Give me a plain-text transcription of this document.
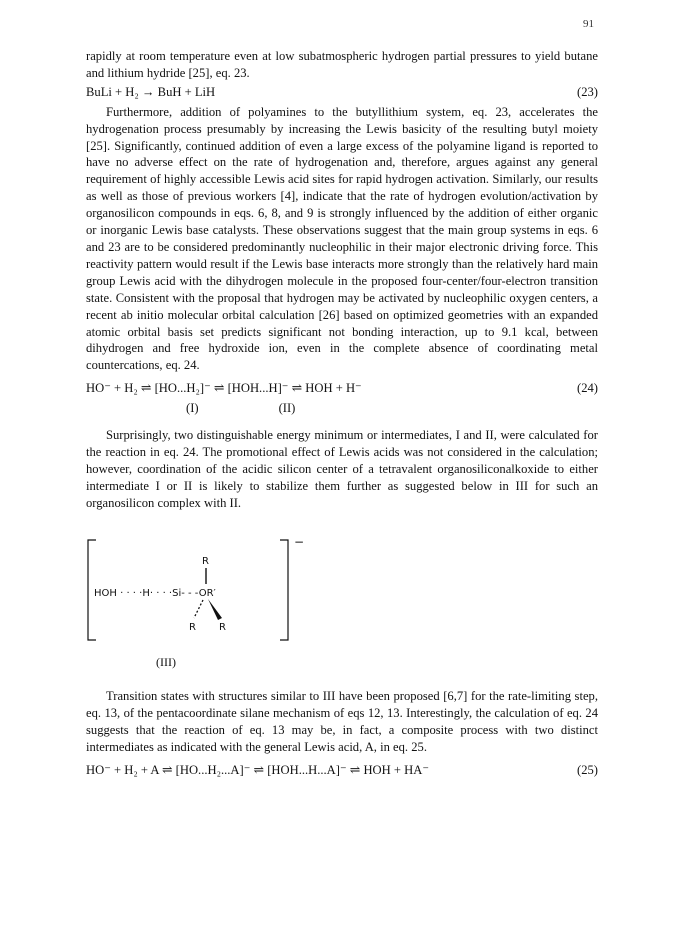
91

rapidly at room temperature even at low subatmospheric hydrogen partial pressures to yield butane and lithium hydride [25], eq. 23.

BuLi + H₂ → BuH + LiH	(23)

Furthermore, addition of polyamines to the butyllithium system, eq. 23, accelerates the hydrogenation process presumably by increasing the Lewis basicity of the resulting butyl moiety [25]. Significantly, continued addition of even a large excess of the polyamine ligand is reported to have no adverse effect on the rate of hydrogenation and, therefore, argues against any general requirement of highly accessible Lewis acid sites for rapid hydrogen activation. Similarly, our results as well as those of previous workers [4], indicate that the rate of hydrogen evolution/activation by organosilicon compounds in eqs. 6, 8, and 9 is strongly influenced by the addition of either organic or inorganic Lewis base catalysts. These observations suggest that the main group systems in eqs. 6 and 23 are to be considered predominantly nucleophilic in their major electronic driving force. This reactivity pattern would result if the Lewis base interacts more strongly than the relatively hard main group Lewis acid with the dihydrogen molecule in the proposed four-center/four-electron transition state. Consistent with the proposal that hydrogen may be activated by nucleophilic oxygen centers, a recent ab initio molecular orbital calculation [26] based on optimized geometries with an expanded atomic orbital basis set predicts significant not bonding interaction, up to 9.1 kcal, between dihydrogen and free hydroxide ion, even in the complete absence of coordinating metal countercations, eq. 24.

HO⁻ + H₂ ⇌ [HO...H₂]⁻ ⇌ [HOH...H]⁻ ⇌ HOH + H⁻	(24)
(I)	(II)

Surprisingly, two distinguishable energy minimum or intermediates, I and II, were calculated for the reaction in eq. 24. The promotional effect of Lewis acids was not considered in the calculation; however, coordination of the acidic silicon center of a tetravalent organosiliconalkoxide to either intermediate I or II is likely to stabilize them further as suggested below in III for such an organosilicon complex with II.

R
HOH · · · ·H· · · ·Si- - -OR′
R R
−
(III)

Transition states with structures similar to III have been proposed [6,7] for the rate-limiting step, eq. 13, of the pentacoordinate silane mechanism of eqs 12, 13. Interestingly, the calculation of eq. 24 suggests that the reaction of eq. 13 may be, in fact, a composite process with two distinct intermediates as indicated with the general Lewis acid, A, in eq. 25.

HO⁻ + H₂ + A ⇌ [HO...H₂...A]⁻ ⇌ [HOH...H...A]⁻ ⇌ HOH + HA⁻	(25)
